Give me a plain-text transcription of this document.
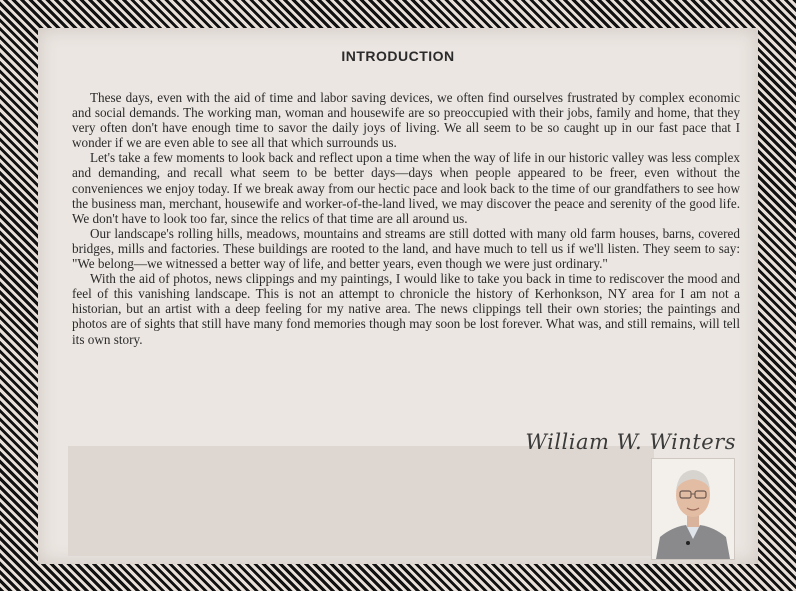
INTRODUCTION

These days, even with the aid of time and labor saving devices, we often find ourselves frustrated by complex economic and social demands. The working man, woman and housewife are so preoccupied with their jobs, family and home, that they very often don't have enough time to savor the daily joys of living. We all seem to be so caught up in our fast pace that I wonder if we are even able to see all that which surrounds us.

Let's take a few moments to look back and reflect upon a time when the way of life in our historic valley was less complex and demanding, and recall what seem to be better days—days when people appeared to be freer, even without the conveniences we enjoy today. If we break away from our hectic pace and look back to the time of our grandfathers to see how the business man, merchant, housewife and worker-of-the-land lived, we may discover the peace and serenity of the good life. We don't have to look too far, since the relics of that time are all around us.

Our landscape's rolling hills, meadows, mountains and streams are still dotted with many old farm houses, barns, covered bridges, mills and factories. These buildings are rooted to the land, and have much to tell us if we'll listen. They seem to say: "We belong—we witnessed a better way of life, and better years, even though we were just ordinary."

With the aid of photos, news clippings and my paintings, I would like to take you back in time to rediscover the mood and feel of this vanishing landscape. This is not an attempt to chronicle the history of Kerhonkson, NY area for I am not a historian, but an artist with a deep feeling for my native area. The news clippings tell their own stories; the paintings and photos are of sights that still have many fond memories though may soon be lost forever. What was, and still remains, will tell its own story.

William W. Winters
